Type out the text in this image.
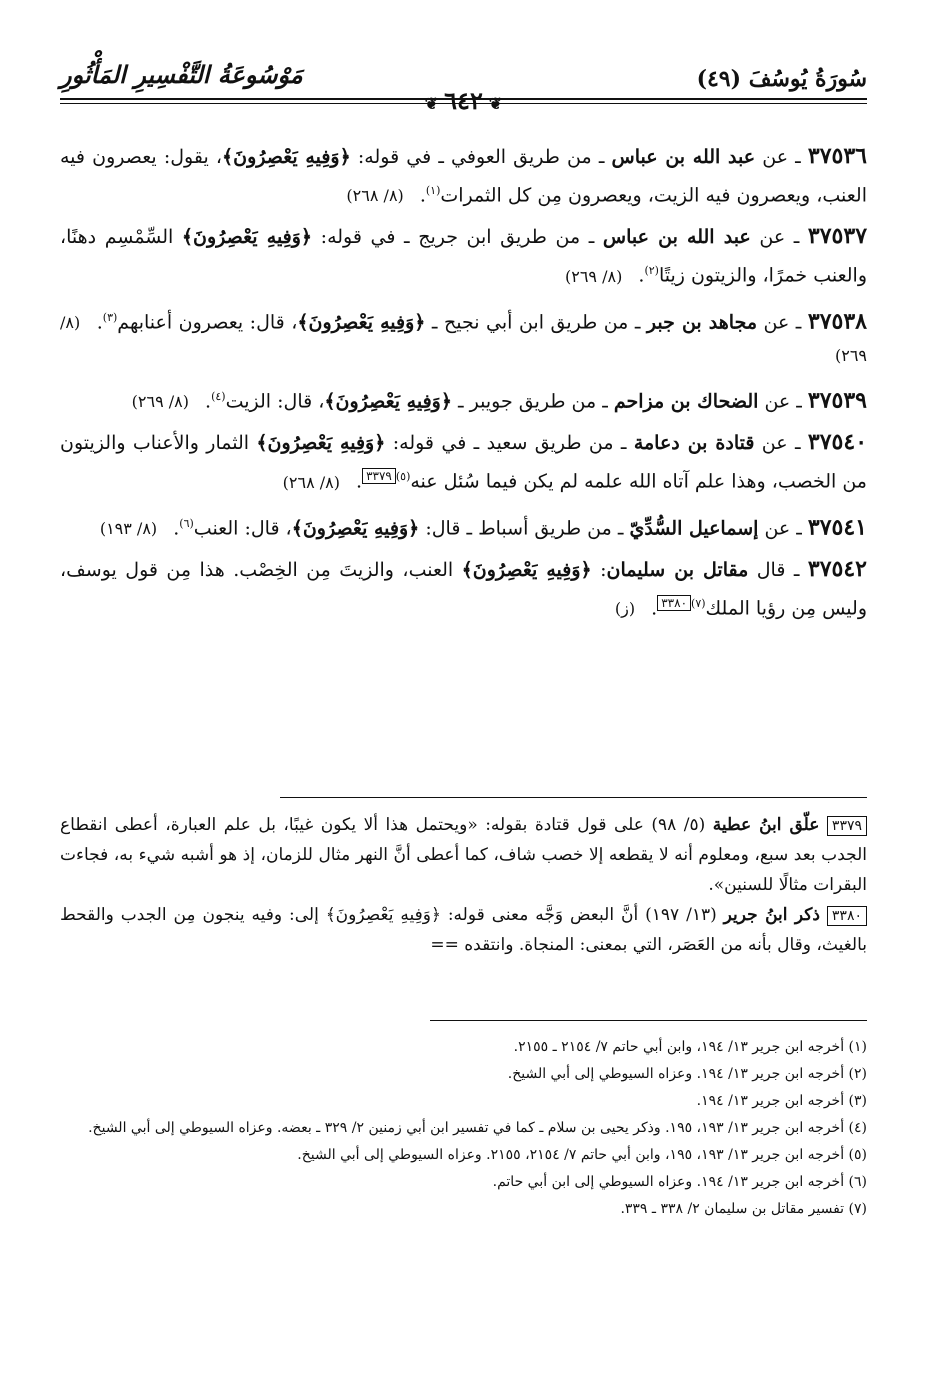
سُورَةُ يُوسُفَ (٤٩)
مَوْسُوعَةُ التَّفْسِيرِ المَأْثُورِ
❦٦٤٢❦
٣٧٥٣٦ ـ عن عبد الله بن عباس ـ من طريق العوفي ـ في قوله: ﴿وَفِيهِ يَعْصِرُونَ﴾، يقول: يعصرون فيه العنب، ويعصرون فيه الزيت، ويعصرون مِن كل الثمرات$^{(١)}$. (٨/ ٢٦٨)
٣٧٥٣٧ ـ عن عبد الله بن عباس ـ من طريق ابن جريج ـ في قوله: ﴿وَفِيهِ يَعْصِرُونَ﴾ السِّمْسِم دهنًا، والعنب خمرًا، والزيتون زيتًا$^{(٢)}$. (٨/ ٢٦٩)
٣٧٥٣٨ ـ عن مجاهد بن جبر ـ من طريق ابن أبي نجيح ـ ﴿وَفِيهِ يَعْصِرُونَ﴾، قال: يعصرون أعنابهم$^{(٣)}$. (٨/ ٢٦٩)
٣٧٥٣٩ ـ عن الضحاك بن مزاحم ـ من طريق جويبر ـ ﴿وَفِيهِ يَعْصِرُونَ﴾، قال: الزيت$^{(٤)}$. (٨/ ٢٦٩)
٣٧٥٤٠ ـ عن قتادة بن دعامة ـ من طريق سعيد ـ في قوله: ﴿وَفِيهِ يَعْصِرُونَ﴾ الثمار والأعناب والزيتون من الخصب، وهذا علم آتاه الله علمه لم يكن فيما سُئل عنه$^{(٥)}$٣٣٧٩. (٨/ ٢٦٨)
٣٧٥٤١ ـ عن إسماعيل السُّدِّيّ ـ من طريق أسباط ـ قال: ﴿وَفِيهِ يَعْصِرُونَ﴾، قال: العنب$^{(٦)}$. (٨/ ١٩٣)
٣٧٥٤٢ ـ قال مقاتل بن سليمان: ﴿وَفِيهِ يَعْصِرُونَ﴾ العنب، والزيتَ مِن الخِصْب. هذا مِن قول يوسف، وليس مِن رؤيا الملك$^{(٧)}$٣٣٨٠. (ز)
٣٣٧٩ علّق ابنُ عطية (٥/ ٩٨) على قول قتادة بقوله: «ويحتمل هذا ألا يكون غيبًا، بل علم العبارة، أعطى انقطاع الجدب بعد سبع، ومعلوم أنه لا يقطعه إلا خصب شاف، كما أعطى أنَّ النهر مثال للزمان، إذ هو أشبه شيء به، فجاءت البقرات مثالًا للسنين».
٣٣٨٠ ذكر ابنُ جرير (١٣/ ١٩٧) أنَّ البعض وَجَّه معنى قوله: ﴿وَفِيهِ يَعْصِرُونَ﴾ إلى: وفيه ينجون مِن الجدب والقحط بالغيث، وقال بأنه من العَصَر، التي بمعنى: المنجاة. وانتقده ==
(١) أخرجه ابن جرير ١٣/ ١٩٤، وابن أبي حاتم ٧/ ٢١٥٤ ـ ٢١٥٥.
(٢) أخرجه ابن جرير ١٣/ ١٩٤. وعزاه السيوطي إلى أبي الشيخ.
(٣) أخرجه ابن جرير ١٣/ ١٩٤.
(٤) أخرجه ابن جرير ١٣/ ١٩٣، ١٩٥. وذكر يحيى بن سلام ـ كما في تفسير ابن أبي زمنين ٢/ ٣٢٩ ـ بعضه. وعزاه السيوطي إلى أبي الشيخ.
(٥) أخرجه ابن جرير ١٣/ ١٩٣، ١٩٥، وابن أبي حاتم ٧/ ٢١٥٤، ٢١٥٥. وعزاه السيوطي إلى أبي الشيخ.
(٦) أخرجه ابن جرير ١٣/ ١٩٤. وعزاه السيوطي إلى ابن أبي حاتم.
(٧) تفسير مقاتل بن سليمان ٢/ ٣٣٨ ـ ٣٣٩.
